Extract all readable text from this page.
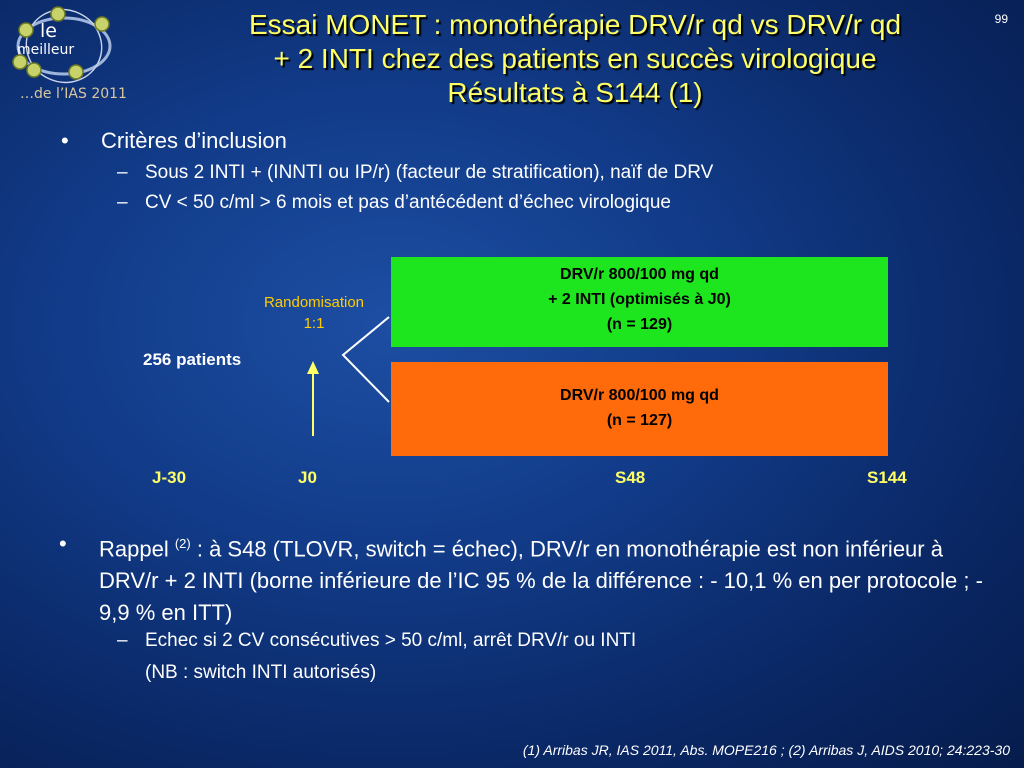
le
meilleur
…de l’IAS 2011
99
Essai MONET : monothérapie DRV/r qd vs DRV/r qd
+ 2 INTI chez des patients en succès virologique
Résultats à S144 (1)
• Critères d’inclusion
– Sous 2 INTI + (INNTI ou IP/r) (facteur de stratification), naïf de DRV
– CV < 50 c/ml > 6 mois et pas d’antécédent d’échec virologique
Randomisation
1:1
256 patients
DRV/r 800/100 mg qd
+ 2 INTI (optimisés à J0)
(n = 129)
DRV/r 800/100 mg qd
(n = 127)
J-30	J0	S48	S144
• Rappel $^{(2)}$ : à S48 (TLOVR, switch = échec), DRV/r en monothérapie est non inférieur à DRV/r + 2 INTI (borne inférieure de l’IC 95 % de la différence : - 10,1 % en per protocole ; - 9,9 % en ITT)
– Echec si 2 CV consécutives > 50 c/ml, arrêt DRV/r ou INTI
(NB : switch INTI autorisés)
(1) Arribas JR, IAS 2011, Abs. MOPE216 ; (2) Arribas J, AIDS 2010; 24:223-30
